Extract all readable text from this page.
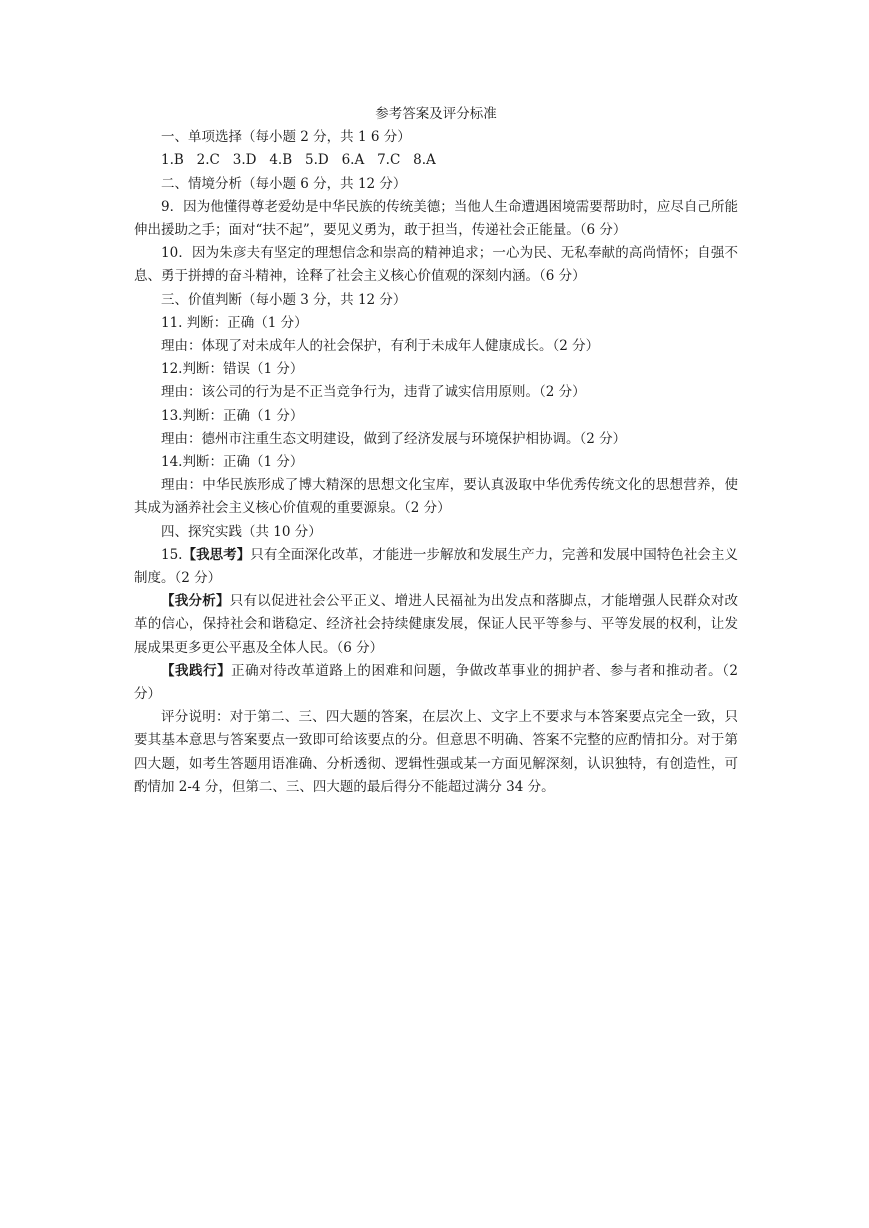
参考答案及评分标准

一、单项选择（每小题 2 分，共 1 6 分）

1.B   2.C   3.D   4.B   5.D   6.A   7.C   8.A

二、情境分析（每小题 6 分，共 12 分）

9．因为他懂得尊老爱幼是中华民族的传统美德；当他人生命遭遇困境需要帮助时，应尽自己所能伸出援助之手；面对“扶不起”，要见义勇为，敢于担当，传递社会正能量。（6 分）

10．因为朱彦夫有坚定的理想信念和崇高的精神追求；一心为民、无私奉献的高尚情怀；自强不息、勇于拼搏的奋斗精神，诠释了社会主义核心价值观的深刻内涵。（6 分）

三、价值判断（每小题 3 分，共 12 分）

11. 判断：正确（1 分）

理由：体现了对未成年人的社会保护，有利于未成年人健康成长。（2 分）

12.判断：错误（1 分）

理由：该公司的行为是不正当竞争行为，违背了诚实信用原则。（2 分）

13.判断：正确（1 分）

理由：德州市注重生态文明建设，做到了经济发展与环境保护相协调。（2 分）

14.判断：正确（1 分）

理由：中华民族形成了博大精深的思想文化宝库，要认真汲取中华优秀传统文化的思想营养，使其成为涵养社会主义核心价值观的重要源泉。（2 分）

四、探究实践（共 10 分）

15.【我思考】只有全面深化改革，才能进一步解放和发展生产力，完善和发展中国特色社会主义制度。（2 分）

【我分析】只有以促进社会公平正义、增进人民福祉为出发点和落脚点，才能增强人民群众对改革的信心，保持社会和谐稳定、经济社会持续健康发展，保证人民平等参与、平等发展的权利，让发展成果更多更公平惠及全体人民。（6 分）

【我践行】正确对待改革道路上的困难和问题，争做改革事业的拥护者、参与者和推动者。（2 分）

评分说明：对于第二、三、四大题的答案，在层次上、文字上不要求与本答案要点完全一致，只要其基本意思与答案要点一致即可给该要点的分。但意思不明确、答案不完整的应酌情扣分。对于第四大题，如考生答题用语准确、分析透彻、逻辑性强或某一方面见解深刻，认识独特，有创造性，可酌情加 2-4 分，但第二、三、四大题的最后得分不能超过满分 34 分。
